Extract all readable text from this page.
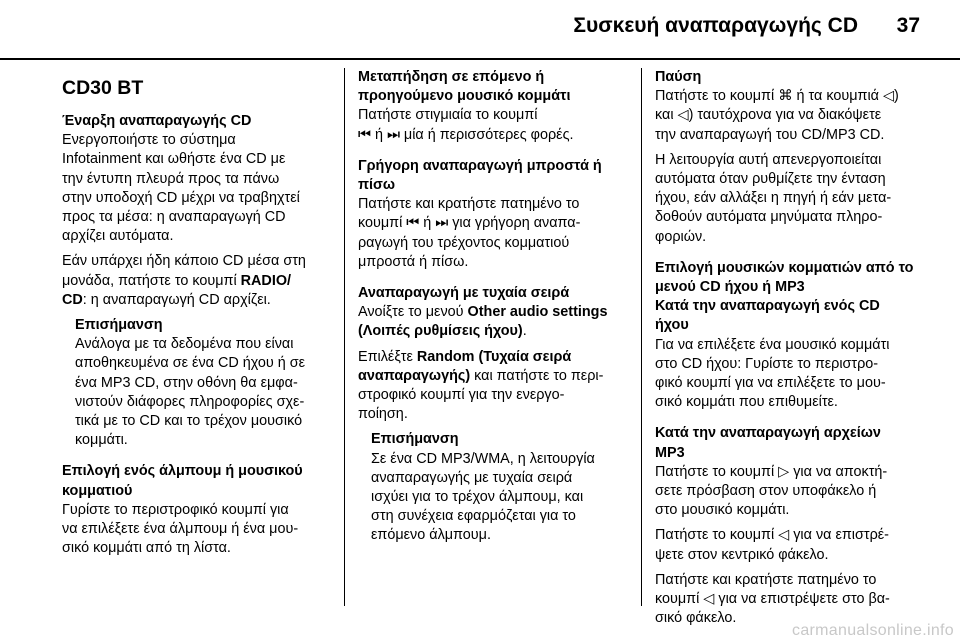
Συσκευή αναπαραγωγής CD 37
CD30 BT
Έναρξη αναπαραγωγής CD
Ενεργοποιήστε το σύστημα
Infotainment και ωθήστε ένα CD με
την έντυπη πλευρά προς τα πάνω
στην υποδοχή CD μέχρι να τραβηχτεί
προς τα μέσα: η αναπαραγωγή CD
αρχίζει αυτόματα.
Εάν υπάρχει ήδη κάποιο CD μέσα στη
μονάδα, πατήστε το κουμπί RADIO/
CD: η αναπαραγωγή CD αρχίζει.
Επισήμανση
Ανάλογα με τα δεδομένα που είναι
αποθηκευμένα σε ένα CD ήχου ή σε
ένα MP3 CD, στην οθόνη θα εμφα-
νιστούν διάφορες πληροφορίες σχε-
τικά με το CD και το τρέχον μουσικό
κομμάτι.
Επιλογή ενός άλμπουμ ή μουσικού
κομματιού
Γυρίστε το περιστροφικό κουμπί για
να επιλέξετε ένα άλμπουμ ή ένα μου-
σικό κομμάτι από τη λίστα.
Μεταπήδηση σε επόμενο ή
προηγούμενο μουσικό κομμάτι
Πατήστε στιγμιαία το κουμπί
⏮ ή ⏭ μία ή περισσότερες φορές.
Γρήγορη αναπαραγωγή μπροστά ή
πίσω
Πατήστε και κρατήστε πατημένο το
κουμπί ⏮ ή ⏭ για γρήγορη αναπα-
ραγωγή του τρέχοντος κομματιού
μπροστά ή πίσω.
Αναπαραγωγή με τυχαία σειρά
Ανοίξτε το μενού Other audio settings
(Λοιπές ρυθμίσεις ήχου).
Επιλέξτε Random (Τυχαία σειρά
αναπαραγωγής) και πατήστε το περι-
στροφικό κουμπί για την ενεργο-
ποίηση.
Επισήμανση
Σε ένα CD MP3/WMA, η λειτουργία
αναπαραγωγής με τυχαία σειρά
ισχύει για το τρέχον άλμπουμ, και
στη συνέχεια εφαρμόζεται για το
επόμενο άλμπουμ.
Παύση
Πατήστε το κουμπί ⌘ ή τα κουμπιά ◁)
και ◁) ταυτόχρονα για να διακόψετε
την αναπαραγωγή του CD/MP3 CD.
Η λειτουργία αυτή απενεργοποιείται
αυτόματα όταν ρυθμίζετε την ένταση
ήχου, εάν αλλάξει η πηγή ή εάν μετα-
δοθούν αυτόματα μηνύματα πληρο-
φοριών.
Επιλογή μουσικών κομματιών από το
μενού CD ήχου ή MP3
Κατά την αναπαραγωγή ενός CD
ήχου
Για να επιλέξετε ένα μουσικό κομμάτι
στο CD ήχου: Γυρίστε το περιστρο-
φικό κουμπί για να επιλέξετε το μου-
σικό κομμάτι που επιθυμείτε.
Κατά την αναπαραγωγή αρχείων
MP3
Πατήστε το κουμπί ▷ για να αποκτή-
σετε πρόσβαση στον υποφάκελο ή
στο μουσικό κομμάτι.
Πατήστε το κουμπί ◁ για να επιστρέ-
ψετε στον κεντρικό φάκελο.
Πατήστε και κρατήστε πατημένο το
κουμπί ◁ για να επιστρέψετε στο βα-
σικό φάκελο.
carmanualsonline.info
